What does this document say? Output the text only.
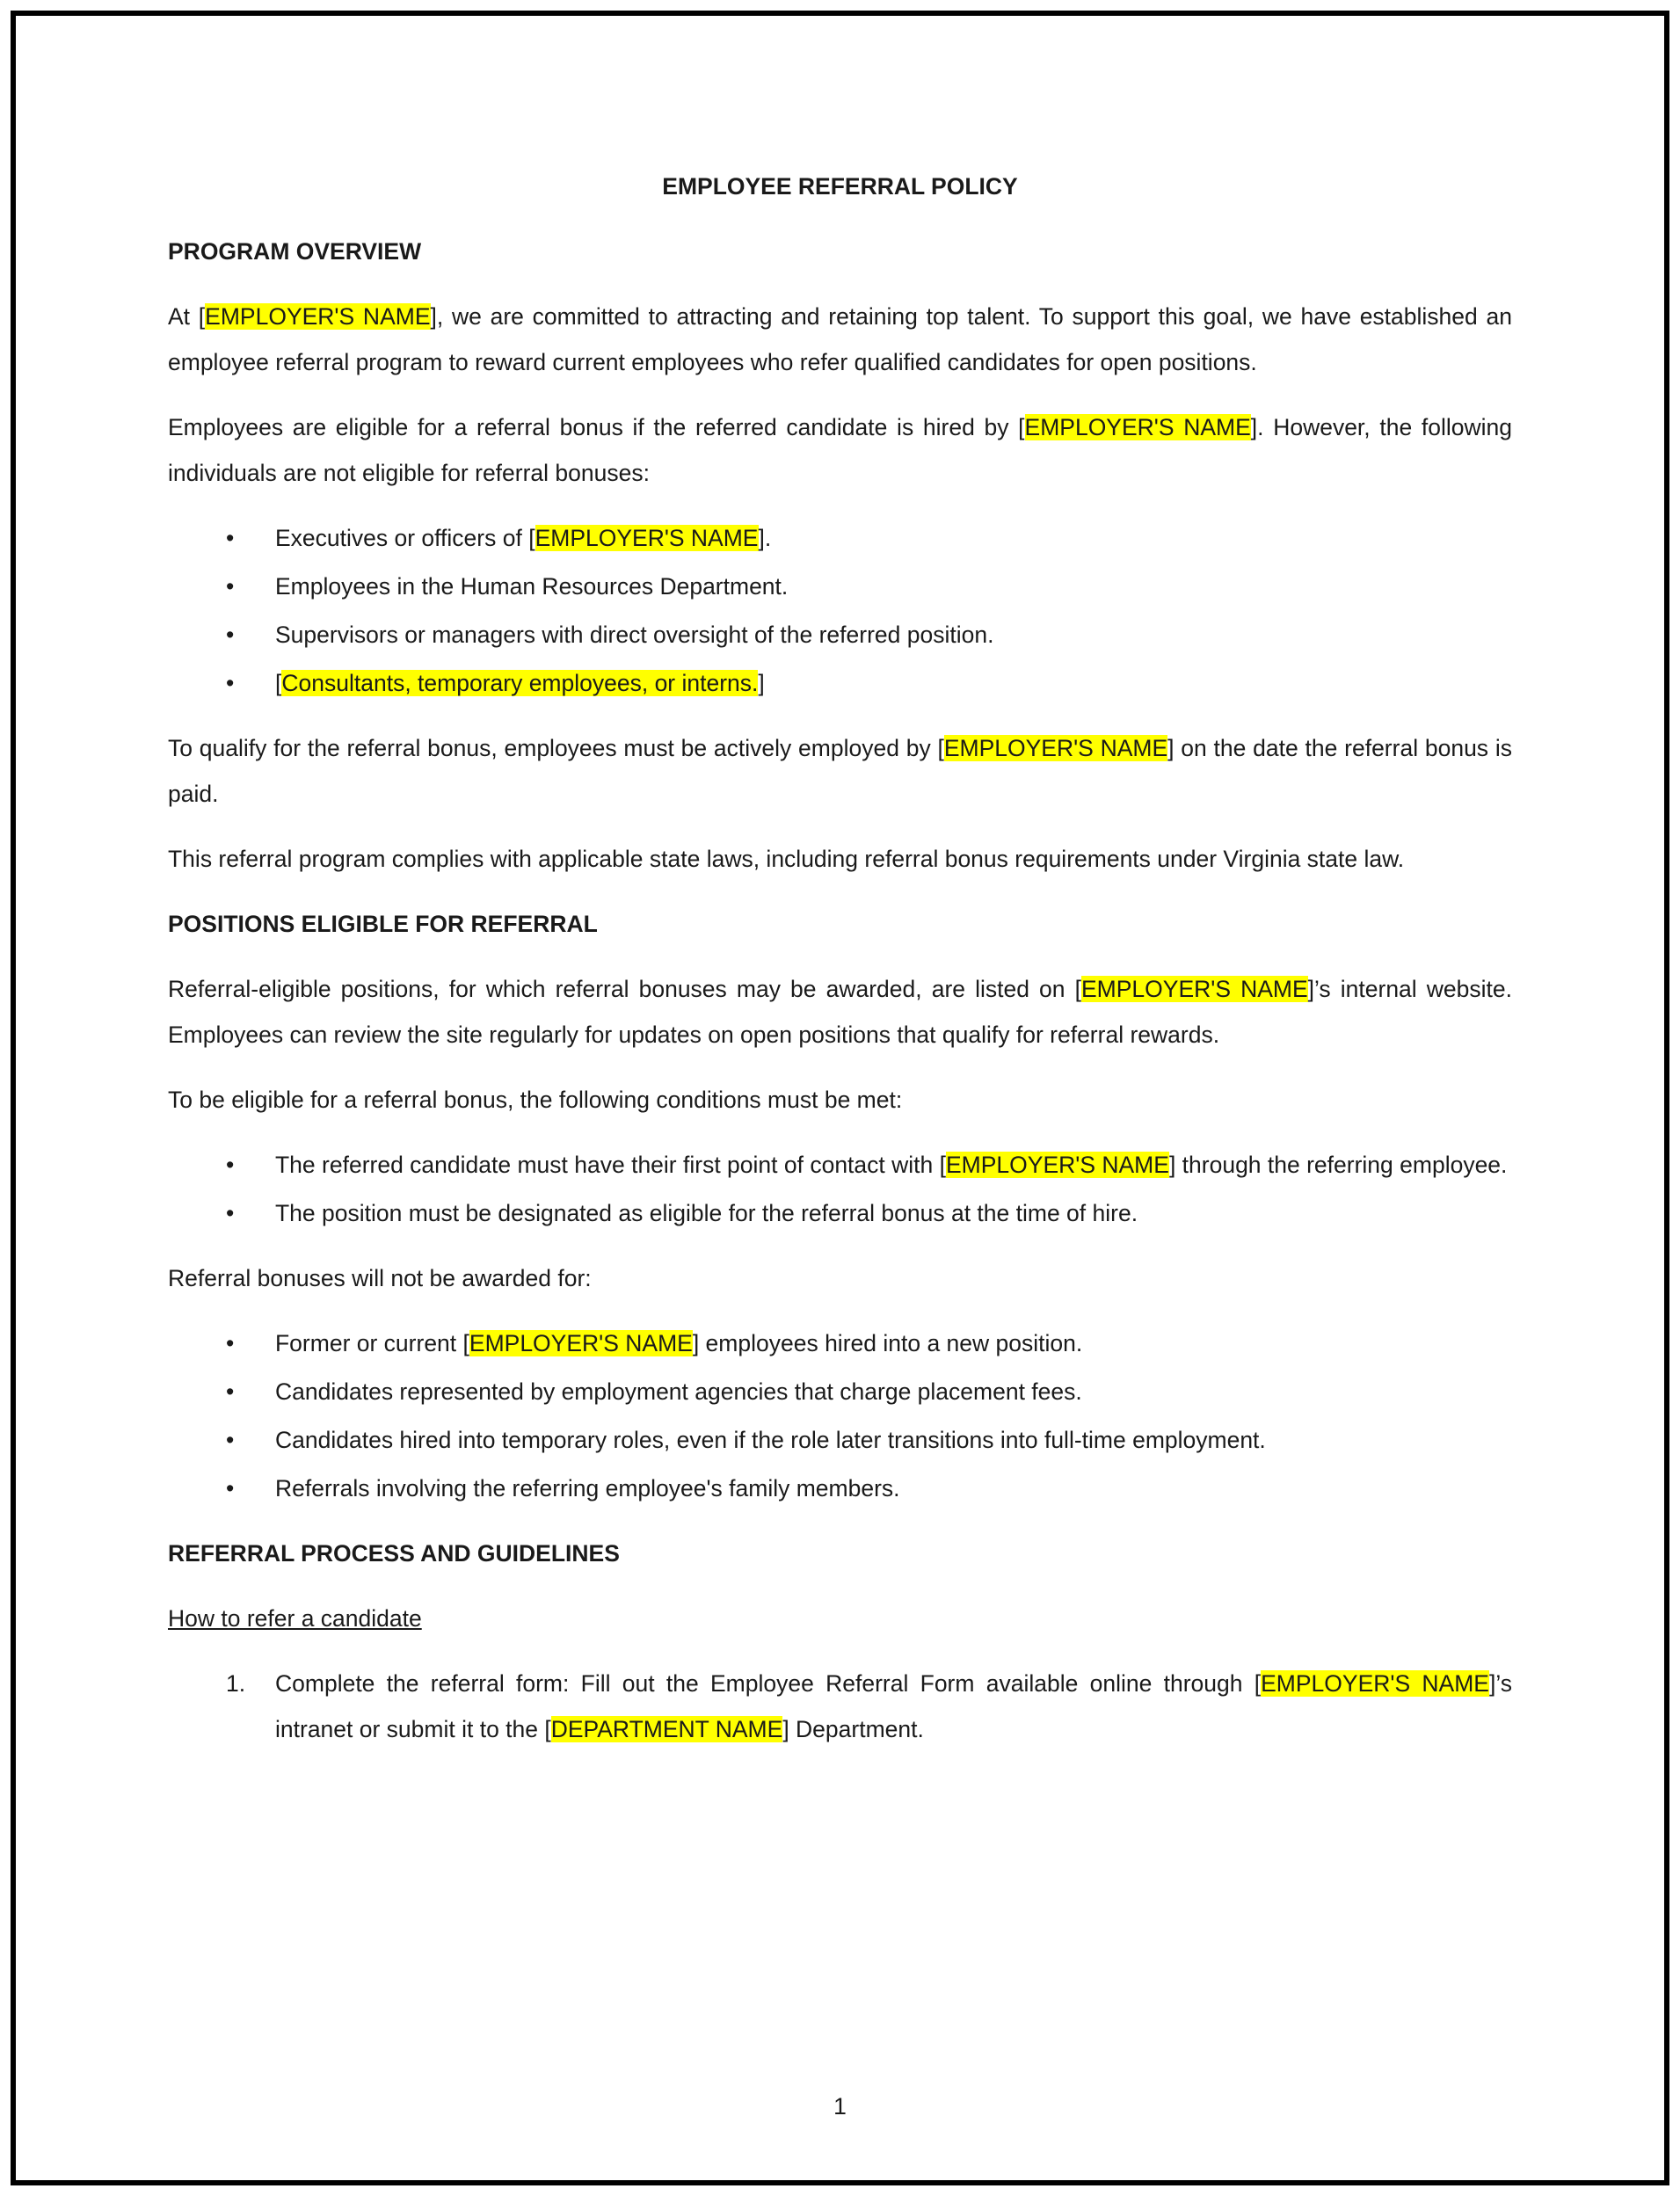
EMPLOYEE REFERRAL POLICY

PROGRAM OVERVIEW

At [EMPLOYER'S NAME], we are committed to attracting and retaining top talent. To support this goal, we have established an employee referral program to reward current employees who refer qualified candidates for open positions.

Employees are eligible for a referral bonus if the referred candidate is hired by [EMPLOYER'S NAME]. However, the following individuals are not eligible for referral bonuses:

• Executives or officers of [EMPLOYER'S NAME].
• Employees in the Human Resources Department.
• Supervisors or managers with direct oversight of the referred position.
• [Consultants, temporary employees, or interns.]

To qualify for the referral bonus, employees must be actively employed by [EMPLOYER'S NAME] on the date the referral bonus is paid.

This referral program complies with applicable state laws, including referral bonus requirements under Virginia state law.

POSITIONS ELIGIBLE FOR REFERRAL

Referral-eligible positions, for which referral bonuses may be awarded, are listed on [EMPLOYER'S NAME]’s internal website. Employees can review the site regularly for updates on open positions that qualify for referral rewards.

To be eligible for a referral bonus, the following conditions must be met:

• The referred candidate must have their first point of contact with [EMPLOYER'S NAME] through the referring employee.
• The position must be designated as eligible for the referral bonus at the time of hire.

Referral bonuses will not be awarded for:

• Former or current [EMPLOYER'S NAME] employees hired into a new position.
• Candidates represented by employment agencies that charge placement fees.
• Candidates hired into temporary roles, even if the role later transitions into full-time employment.
• Referrals involving the referring employee's family members.

REFERRAL PROCESS AND GUIDELINES

How to refer a candidate

1. Complete the referral form: Fill out the Employee Referral Form available online through [EMPLOYER'S NAME]’s intranet or submit it to the [DEPARTMENT NAME] Department.
1
